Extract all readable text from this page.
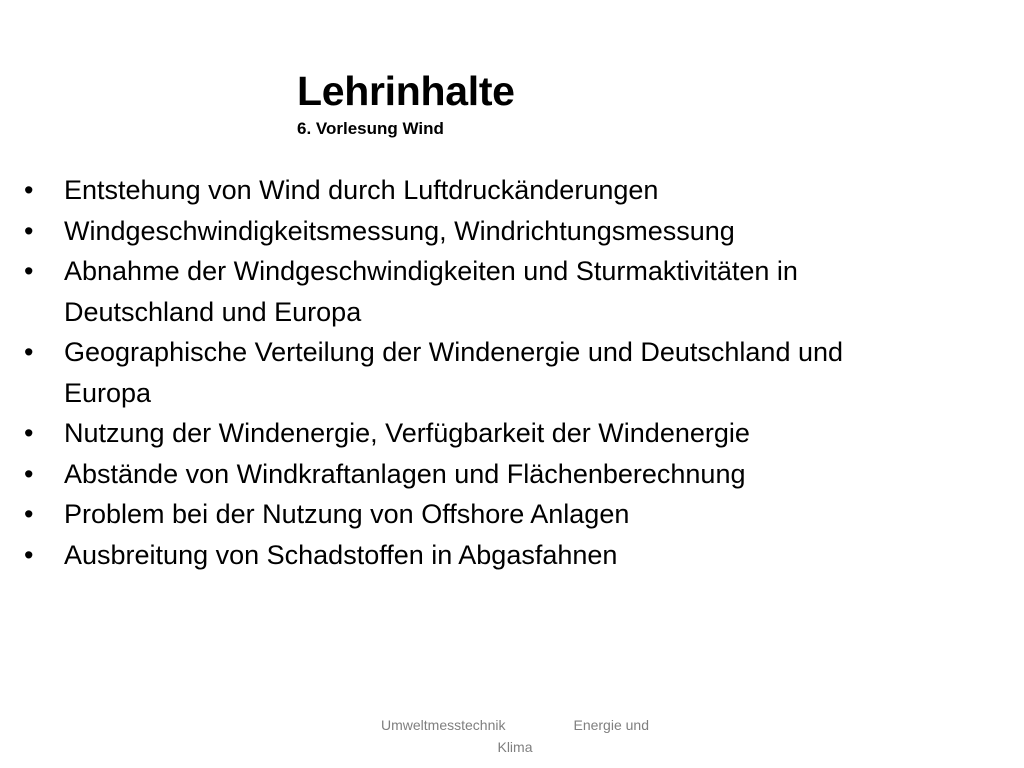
Lehrinhalte
6. Vorlesung Wind
•	Entstehung von Wind durch Luftdruckänderungen
•	Windgeschwindigkeitsmessung, Windrichtungsmessung
•	Abnahme der Windgeschwindigkeiten und Sturmaktivitäten in
Deutschland und Europa
•	Geographische Verteilung der Windenergie und Deutschland und
Europa
•	Nutzung der Windenergie, Verfügbarkeit der Windenergie
•	Abstände von Windkraftanlagen und Flächenberechnung
•	Problem bei der Nutzung von Offshore Anlagen
•	Ausbreitung von Schadstoffen in Abgasfahnen
Umweltmesstechnik	Energie und
Klima
